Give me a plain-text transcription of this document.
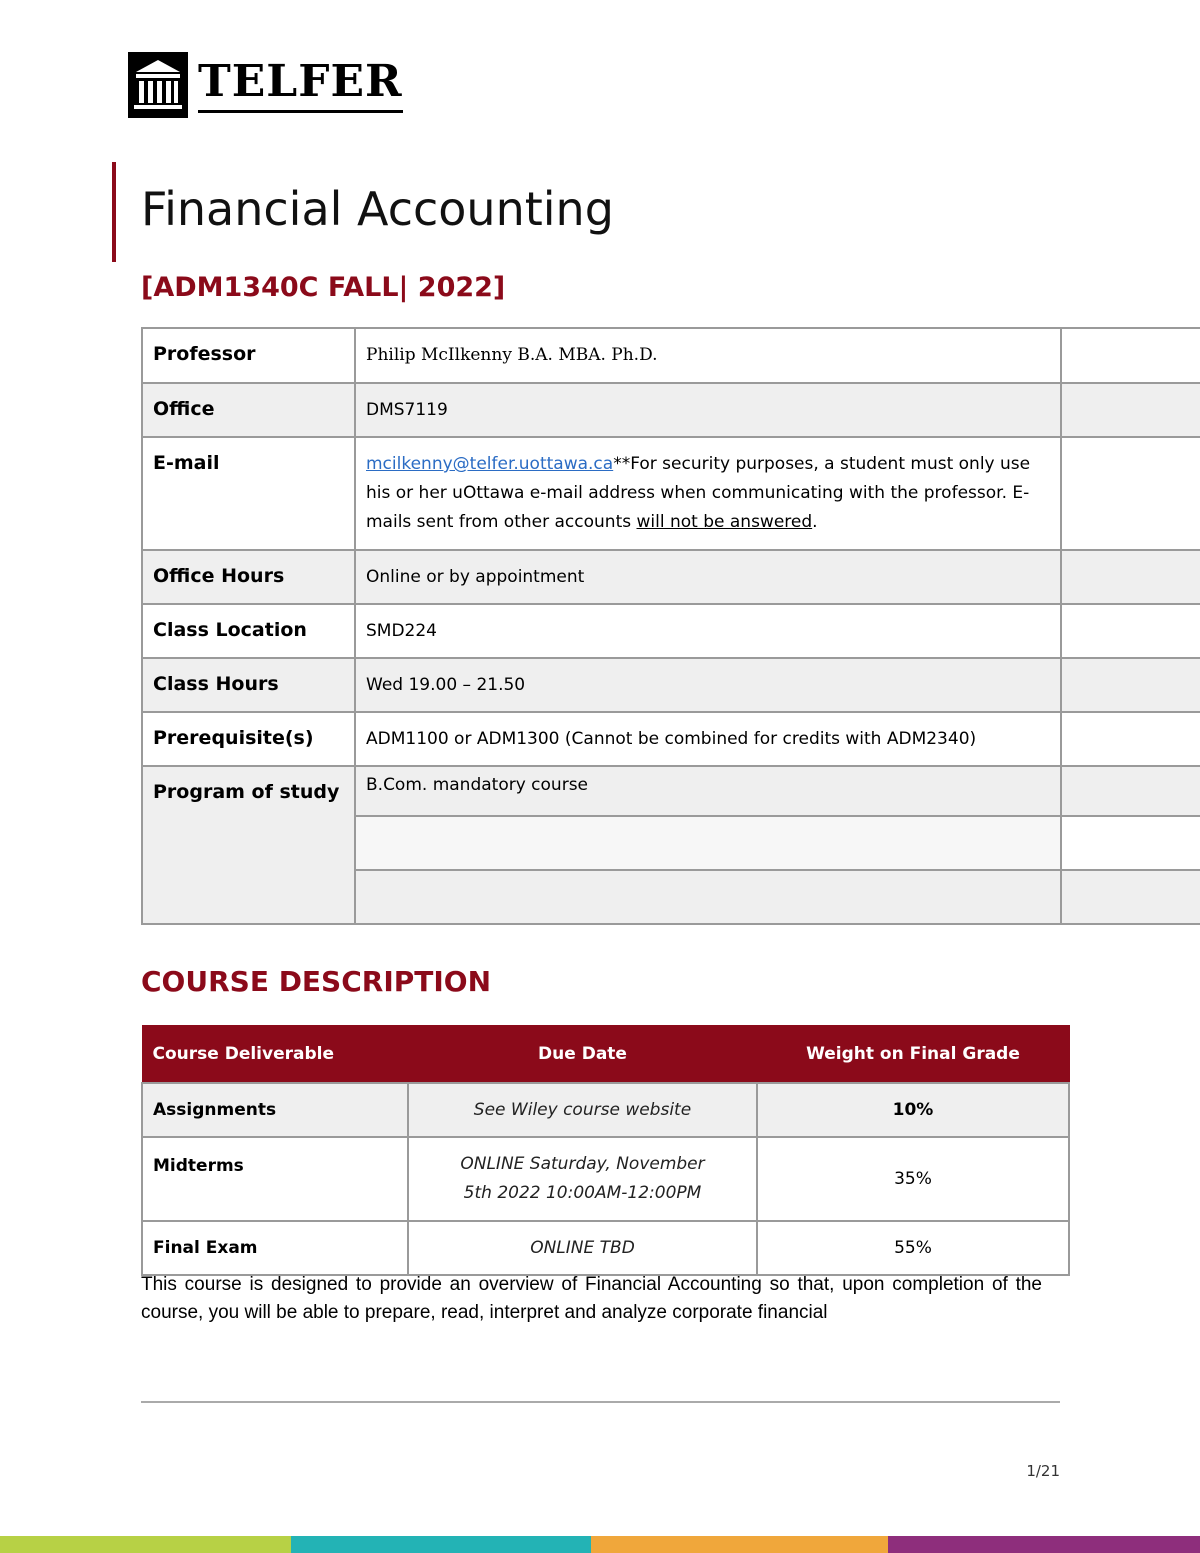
TELFER
Financial Accounting
[ADM1340C FALL| 2022]
Professor	Philip McIlkenny B.A. MBA. Ph.D.	
Office	DMS7119	
E-mail	mcilkenny@telfer.uottawa.ca**For security purposes, a student must only use his or her uOttawa e-mail address when communicating with the professor. E-mails sent from other accounts will not be answered.	
Office Hours	Online or by appointment	
Class Location	SMD224	
Class Hours	Wed 19.00 – 21.50	
Prerequisite(s)	ADM1100 or ADM1300 (Cannot be combined for credits with ADM2340)	
Program of study	B.Com. mandatory course	

COURSE DESCRIPTION
Course Deliverable	Due Date	Weight on Final Grade
Assignments	See Wiley course website	10%
Midterms	ONLINE Saturday, November 5th 2022 10:00AM-12:00PM	35%
Final Exam	ONLINE TBD	55%
This course is designed to provide an overview of Financial Accounting so that, upon completion of the course, you will be able to prepare, read, interpret and analyze corporate financial
1/21
